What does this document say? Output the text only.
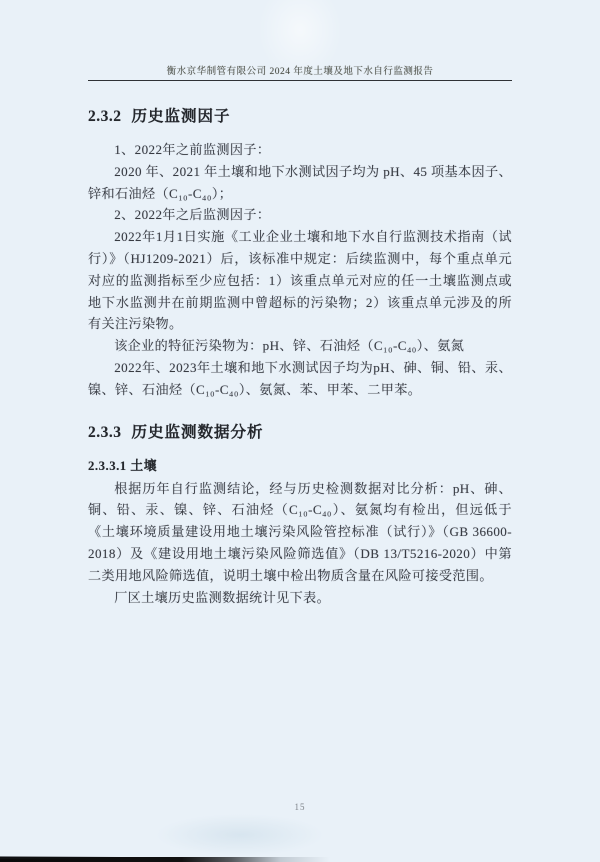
衡水京华制管有限公司 2024 年度土壤及地下水自行监测报告
2.3.2 历史监测因子
1、2022年之前监测因子：
2020 年、2021 年土壤和地下水测试因子均为 pH、45 项基本因子、锌和石油烃（C₁₀-C₄₀）；
2、2022年之后监测因子：
2022年1月1日实施《工业企业土壤和地下水自行监测技术指南（试行）》（HJ1209-2021）后，该标准中规定：后续监测中，每个重点单元对应的监测指标至少应包括：1）该重点单元对应的任一土壤监测点或地下水监测井在前期监测中曾超标的污染物；2）该重点单元涉及的所有关注污染物。
该企业的特征污染物为：pH、锌、石油烃（C₁₀-C₄₀）、氨氮
2022年、2023年土壤和地下水测试因子均为pH、砷、铜、铅、汞、镍、锌、石油烃（C₁₀-C₄₀）、氨氮、苯、甲苯、二甲苯。
2.3.3 历史监测数据分析
2.3.3.1 土壤
根据历年自行监测结论，经与历史检测数据对比分析：pH、砷、铜、铅、汞、镍、锌、石油烃（C₁₀-C₄₀）、氨氮均有检出，但远低于《土壤环境质量建设用地土壤污染风险管控标准（试行）》（GB 36600-2018）及《建设用地土壤污染风险筛选值》（DB 13/T5216-2020）中第二类用地风险筛选值，说明土壤中检出物质含量在风险可接受范围。
厂区土壤历史监测数据统计见下表。
15
